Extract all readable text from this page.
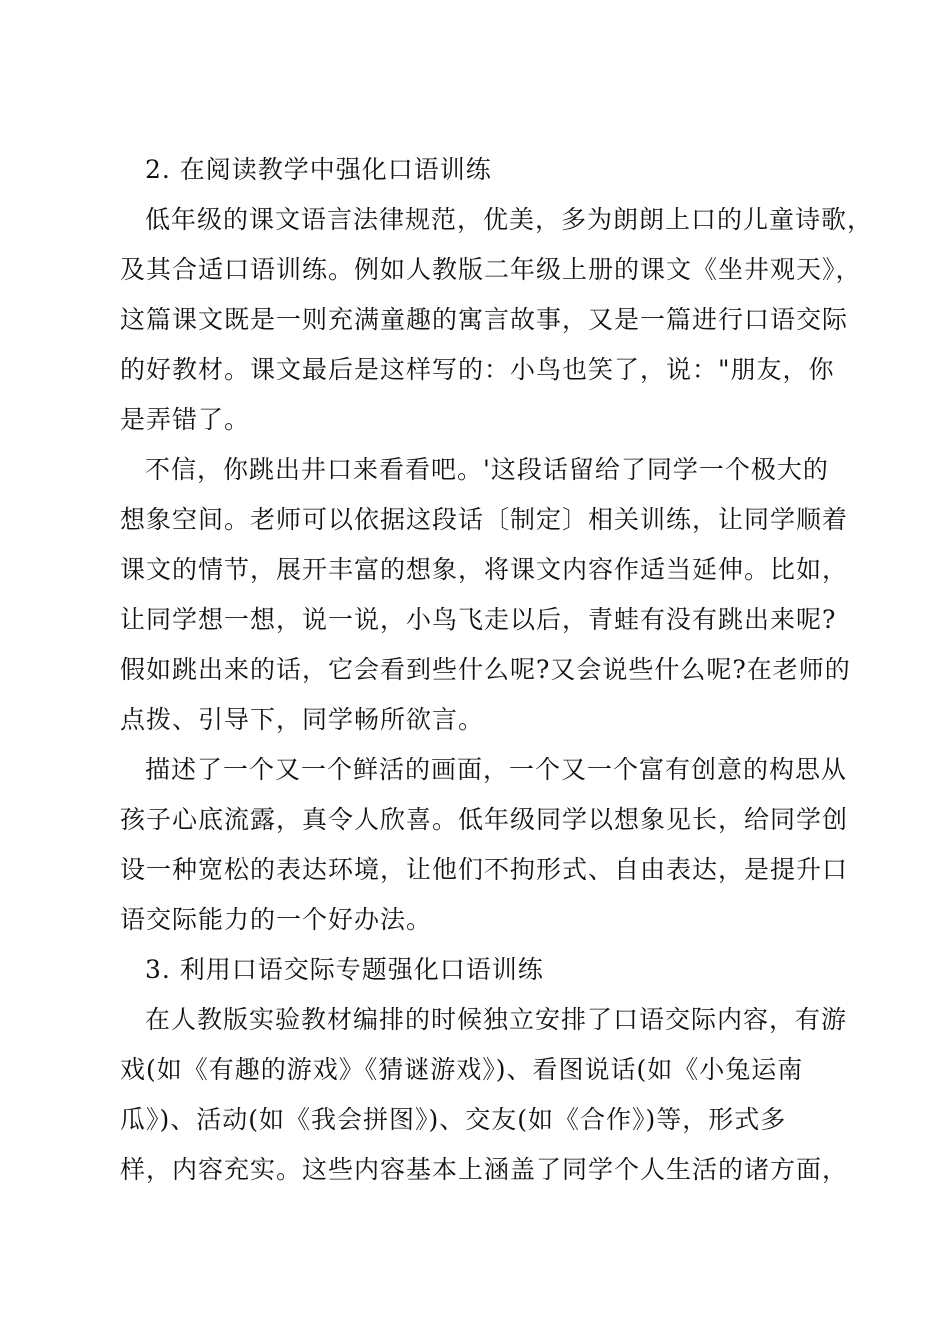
2. 在阅读教学中强化口语训练
低年级的课文语言法律规范，优美，多为朗朗上口的儿童诗歌，
及其合适口语训练。例如人教版二年级上册的课文《坐井观天》，
这篇课文既是一则充满童趣的寓言故事，又是一篇进行口语交际
的好教材。课文最后是这样写的：小鸟也笑了，说："朋友，你
是弄错了。
不信，你跳出井口来看看吧。'这段话留给了同学一个极大的
想象空间。老师可以依据这段话〔制定〕相关训练，让同学顺着
课文的情节，展开丰富的想象，将课文内容作适当延伸。比如，
让同学想一想，说一说，小鸟飞走以后，青蛙有没有跳出来呢?
假如跳出来的话，它会看到些什么呢?又会说些什么呢?在老师的
点拨、引导下，同学畅所欲言。
描述了一个又一个鲜活的画面，一个又一个富有创意的构思从
孩子心底流露，真令人欣喜。低年级同学以想象见长，给同学创
设一种宽松的表达环境，让他们不拘形式、自由表达，是提升口
语交际能力的一个好办法。
3. 利用口语交际专题强化口语训练
在人教版实验教材编排的时候独立安排了口语交际内容，有游
戏(如《有趣的游戏》《猜谜游戏》)、看图说话(如《小兔运南
瓜》)、活动(如《我会拼图》)、交友(如《合作》)等，形式多
样，内容充实。这些内容基本上涵盖了同学个人生活的诸方面，
